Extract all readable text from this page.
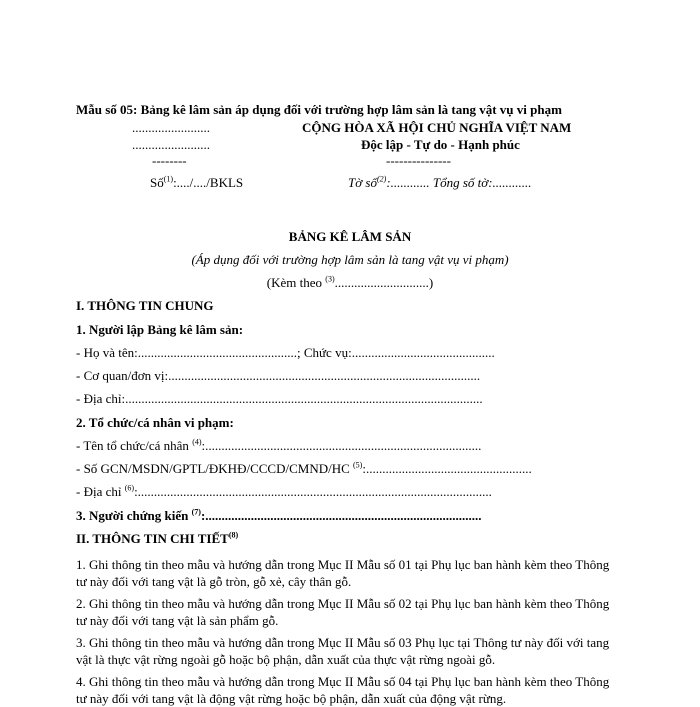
Mẫu số 05: Bảng kê lâm sản áp dụng đối với trường hợp lâm sản là tang vật vụ vi phạm
........................
........................
--------
Số$^{(1)}$:..../..../BKLS
CỘNG HÒA XÃ HỘI CHỦ NGHĨA VIỆT NAM
Độc lập - Tự do - Hạnh phúc
---------------
Tờ số$^{(2)}$:............ Tổng số tờ:............
BẢNG KÊ LÂM SẢN
(Áp dụng đối với trường hợp lâm sản là tang vật vụ vi phạm)
(Kèm theo $^{(3)}$.............................)
I. THÔNG TIN CHUNG
1. Người lập Bảng kê lâm sản:
- Họ và tên:.................................................; Chức vụ:............................................
- Cơ quan/đơn vị:................................................................................................
- Địa chỉ:..............................................................................................................
2. Tổ chức/cá nhân vi phạm:
- Tên tổ chức/cá nhân $^{(4)}$:.....................................................................................
- Số GCN/MSDN/GPTL/ĐKHĐ/CCCD/CMND/HC $^{(5)}$:...................................................
- Địa chỉ $^{(6)}$:.............................................................................................................
3. Người chứng kiến $^{(7)}$:.....................................................................................
II. THÔNG TIN CHI TIẾT$^{(8)}$
1. Ghi thông tin theo mẫu và hướng dẫn trong Mục II Mẫu số 01 tại Phụ lục ban hành kèm theo Thông tư này đối với tang vật là gỗ tròn, gỗ xẻ, cây thân gỗ.
2. Ghi thông tin theo mẫu và hướng dẫn trong Mục II Mẫu số 02 tại Phụ lục ban hành kèm theo Thông tư này đối với tang vật là sản phẩm gỗ.
3. Ghi thông tin theo mẫu và hướng dẫn trong Mục II Mẫu số 03 Phụ lục tại Thông tư này đối với tang vật là thực vật rừng ngoài gỗ hoặc bộ phận, dẫn xuất của thực vật rừng ngoài gỗ.
4. Ghi thông tin theo mẫu và hướng dẫn trong Mục II Mẫu số 04 tại Phụ lục ban hành kèm theo Thông tư này đối với tang vật là động vật rừng hoặc bộ phận, dẫn xuất của động vật rừng.
